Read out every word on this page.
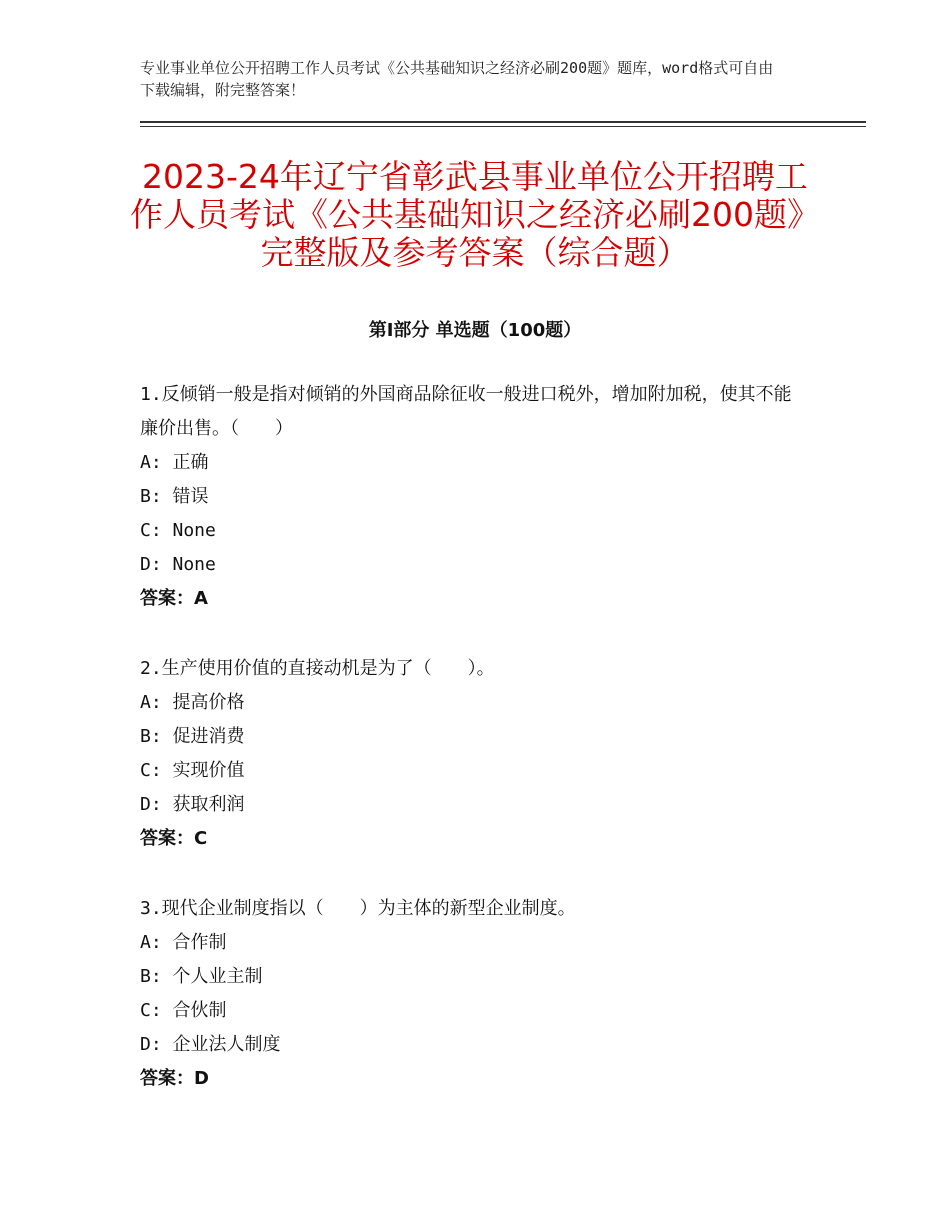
专业事业单位公开招聘工作人员考试《公共基础知识之经济必刷200题》题库，word格式可自由下载编辑，附完整答案！
2023-24年辽宁省彰武县事业单位公开招聘工作人员考试《公共基础知识之经济必刷200题》完整版及参考答案（综合题）
第I部分 单选题（100题）
1.反倾销一般是指对倾销的外国商品除征收一般进口税外，增加附加税，使其不能廉价出售。（　　）
A: 正确
B: 错误
C: None
D: None
答案：A
2.生产使用价值的直接动机是为了（　　）。
A: 提高价格
B: 促进消费
C: 实现价值
D: 获取利润
答案：C
3.现代企业制度指以（　　）为主体的新型企业制度。
A: 合作制
B: 个人业主制
C: 合伙制
D: 企业法人制度
答案：D
